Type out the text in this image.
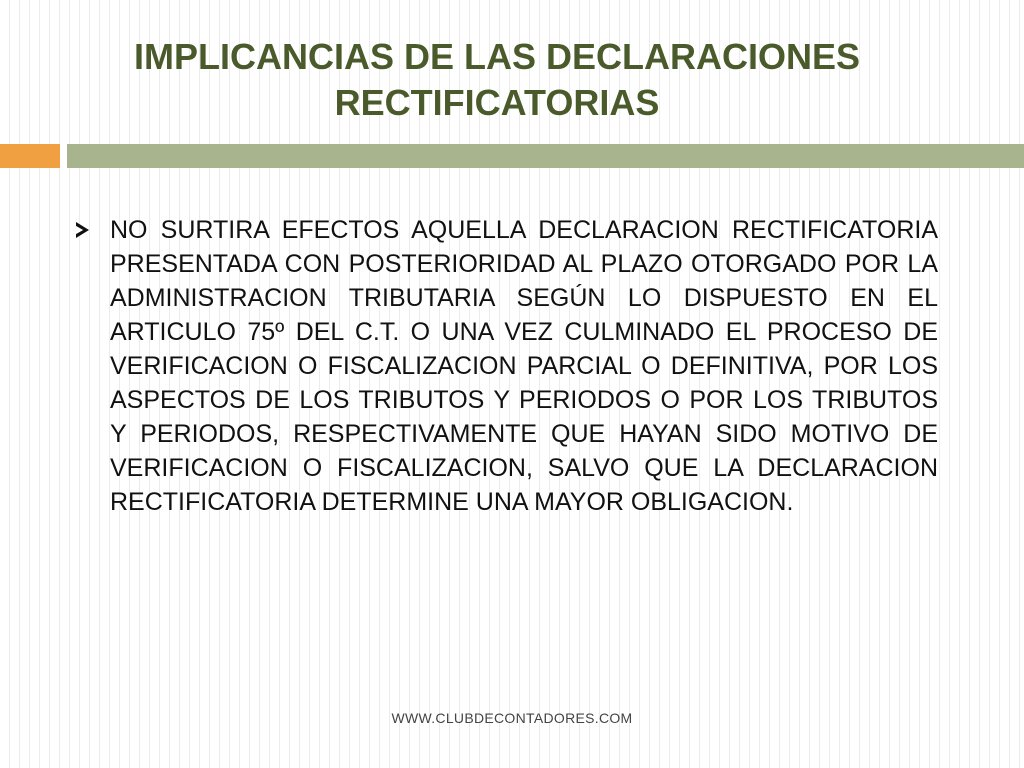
IMPLICANCIAS DE LAS DECLARACIONES
RECTIFICATORIAS

NO SURTIRA EFECTOS AQUELLA DECLARACION RECTIFICATORIA PRESENTADA CON POSTERIORIDAD AL PLAZO OTORGADO POR LA ADMINISTRACION TRIBUTARIA SEGÚN LO DISPUESTO EN EL ARTICULO 75º DEL C.T. O UNA VEZ CULMINADO EL PROCESO DE VERIFICACION O FISCALIZACION PARCIAL O DEFINITIVA, POR LOS ASPECTOS DE LOS TRIBUTOS Y PERIODOS O POR LOS TRIBUTOS Y PERIODOS, RESPECTIVAMENTE QUE HAYAN SIDO MOTIVO DE VERIFICACION O FISCALIZACION, SALVO QUE LA DECLARACION RECTIFICATORIA DETERMINE UNA MAYOR OBLIGACION.

WWW.CLUBDECONTADORES.COM
